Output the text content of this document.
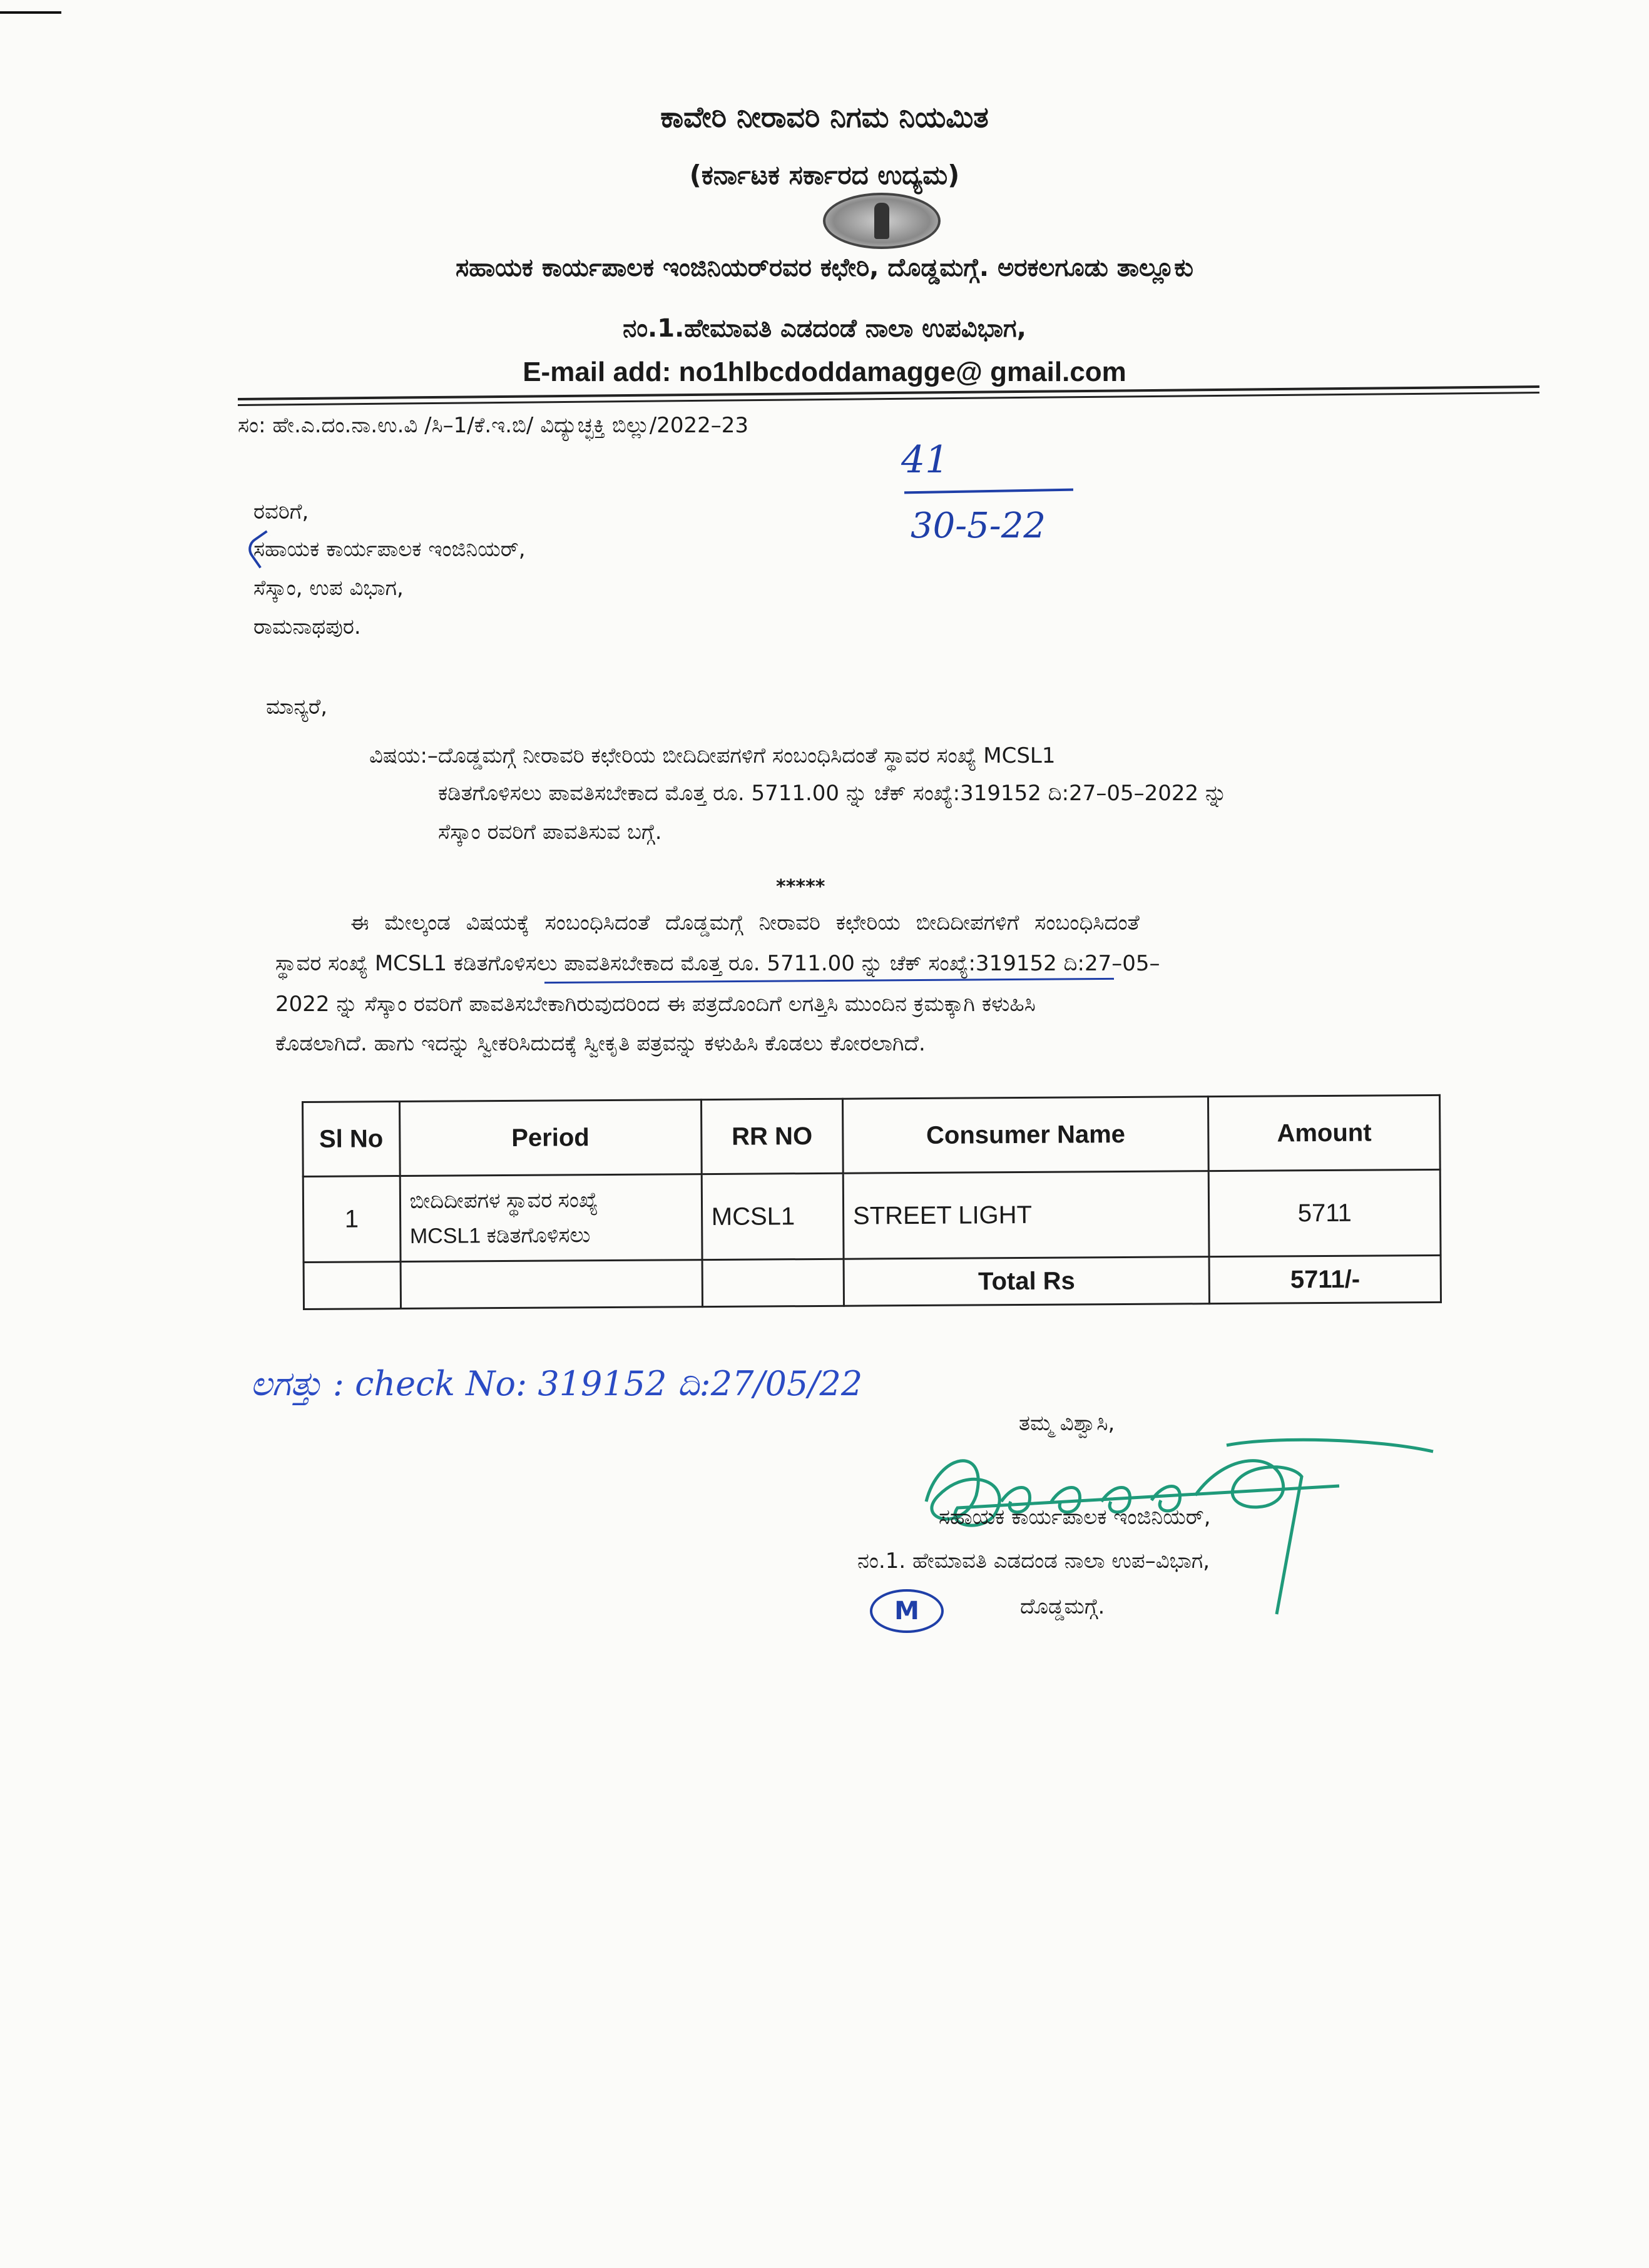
ಕಾವೇರಿ ನೀರಾವರಿ ನಿಗಮ ನಿಯಮಿತ
(ಕರ್ನಾಟಕ ಸರ್ಕಾರದ ಉದ್ಯಮ)
ಸಹಾಯಕ ಕಾರ್ಯಪಾಲಕ ಇಂಜಿನಿಯರ್‌ರವರ ಕಛೇರಿ, ದೊಡ್ಡಮಗ್ಗೆ. ಅರಕಲಗೂಡು ತಾಲ್ಲೂಕು
ನಂ.1.ಹೇಮಾವತಿ ಎಡದಂಡೆ ನಾಲಾ ಉಪವಿಭಾಗ,
E-mail add: no1hlbcdoddamagge@ gmail.com
ಸಂ: ಹೇ.ಎ.ದಂ.ನಾ.ಉ.ವಿ /ಸಿ–1/ಕೆ.ಇ.ಬಿ/ ವಿದ್ಯುಚ್ಛಕ್ತಿ ಬಿಲ್ಲು/2022–23
41
30-5-22
ರವರಿಗೆ,
ಸಹಾಯಕ ಕಾರ್ಯಪಾಲಕ ಇಂಜಿನಿಯರ್,
ಸೆಸ್ಕಾಂ, ಉಪ ವಿಭಾಗ,
ರಾಮನಾಥಪುರ.
ಮಾನ್ಯರೆ,
ವಿಷಯ:–ದೊಡ್ಡಮಗ್ಗೆ ನೀರಾವರಿ ಕಛೇರಿಯ ಬೀದಿದೀಪಗಳಿಗೆ ಸಂಬಂಧಿಸಿದಂತೆ ಸ್ಥಾವರ ಸಂಖ್ಯೆ MCSL1
ಕಡಿತಗೊಳಿಸಲು ಪಾವತಿಸಬೇಕಾದ ಮೊತ್ತ ರೂ. 5711.00 ನ್ನು ಚೆಕ್ ಸಂಖ್ಯೆ:319152 ದಿ:27–05–2022 ನ್ನು
ಸೆಸ್ಕಾಂ ರವರಿಗೆ ಪಾವತಿಸುವ ಬಗ್ಗೆ.
*****
ಈ ಮೇಲ್ಕಂಡ ವಿಷಯಕ್ಕೆ ಸಂಬಂಧಿಸಿದಂತೆ ದೊಡ್ಡಮಗ್ಗೆ ನೀರಾವರಿ ಕಛೇರಿಯ ಬೀದಿದೀಪಗಳಿಗೆ ಸಂಬಂಧಿಸಿದಂತೆ
ಸ್ಥಾವರ ಸಂಖ್ಯೆ MCSL1 ಕಡಿತಗೊಳಿಸಲು ಪಾವತಿಸಬೇಕಾದ ಮೊತ್ತ ರೂ. 5711.00 ನ್ನು ಚೆಕ್ ಸಂಖ್ಯೆ:319152 ದಿ:27–05–
2022 ನ್ನು ಸೆಸ್ಕಾಂ ರವರಿಗೆ ಪಾವತಿಸಬೇಕಾಗಿರುವುದರಿಂದ ಈ ಪತ್ರದೊಂದಿಗೆ ಲಗತ್ತಿಸಿ ಮುಂದಿನ ಕ್ರಮಕ್ಕಾಗಿ ಕಳುಹಿಸಿ
ಕೊಡಲಾಗಿದೆ. ಹಾಗು ಇದನ್ನು ಸ್ವೀಕರಿಸಿದುದಕ್ಕೆ ಸ್ವೀಕೃತಿ ಪತ್ರವನ್ನು ಕಳುಹಿಸಿ ಕೊಡಲು ಕೋರಲಾಗಿದೆ.
Sl No	Period	RR NO	Consumer Name	Amount
1	ಬೀದಿದೀಪಗಳ ಸ್ಥಾವರ ಸಂಖ್ಯೆ
MCSL1 ಕಡಿತಗೊಳಿಸಲು	MCSL1	STREET LIGHT	5711
			Total Rs	5711/-
ಲಗತ್ತು : check No: 319152 ದಿ:27/05/22
ತಮ್ಮ ವಿಶ್ವಾಸಿ,
ಸಹಾಯಕ ಕಾರ್ಯಪಾಲಕ ಇಂಜಿನಿಯರ್,
ನಂ.1. ಹೇಮಾವತಿ ಎಡದಂಡ ನಾಲಾ ಉಪ–ವಿಭಾಗ,
M	ದೊಡ್ಡಮಗ್ಗೆ.
